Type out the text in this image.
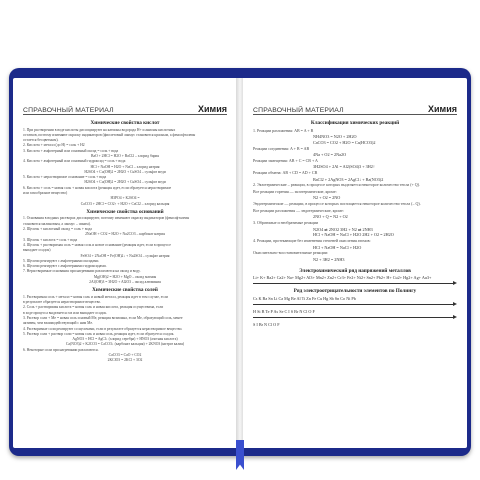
СПРАВОЧНЫЙ МАТЕРИАЛ	Химия
Химические свойства кислот
1. При растворении в воде кислоты диссоциируют на катионы водорода H+ и анионы кислотных
остатков, поэтому изменяют окраску индикаторов (фиолетовый лакмус становится красным, а фенолфталеин
остается бесцветным).
2. Кислота + металл (до H) = соль + H2
3. Кислота + амфотерный или основный оксид = соль + вода
BaO + 2HCl = H2O + BaCl2 – хлорид бария
4. Кислота + амфотерный или основный гидроксид = соль + вода
HCl + NaOH = H2O + NaCl – хлорид натрия
H2SO4 + Cu(OH)2 = 2H2O + CuSO4 – сульфат меди
5. Кислота + нерастворимое основание = соль + вода
H2SO4 + Cu(OH)2 = 2H2O + CuSO4 – сульфат меди
6. Кислота + соль = новая соль + новая кислота (реакция идет, если образуется нерастворимое
или газообразное вещество)
H3PO4 + K2SO4 =
CaCO3 + 2HCl = CO2↑ + H2O + CaCl2 – хлорид кальция
Химические свойства оснований
1. Основания в водных растворах диссоциируют, поэтому изменяют окраску индикаторов (фенолфталеин
становится малиновым, а лакмус – синим).
2. Щелочь + кислотный оксид = соль + вода
2NaOH + CO2 = H2O + Na2CO3 – карбонат натрия
3. Щелочь + кислота = соль + вода
4. Щелочь + растворимая соль = новая соль и новое основание (реакция идет, если в процессе
выпадает осадок)
FeSO4 + 2NaOH = Fe(OH)2↓ + Na2SO4 – сульфат натрия
5. Щелочи реагируют с амфотерными оксидами.
6. Щелочи реагируют с амфотерными гидроксидами.
7. Нерастворимые основания при нагревании разлагаются на оксид и воду.
Mg(OH)2 = H2O + MgO – оксид магния
2Al(OH)3 = 3H2O + Al2O3 – оксид алюминия
Химические свойства солей
1. Растворимая соль + металл = новая соль и новый металл, реакция идет в том случае, если
в результате образуется нерастворимое вещество.
2. Соль + растворимая кислота = новая соль и новая кислота, реакция осуществима, если
в ходе процесса выделяется газ или выпадает осадок.
3. Раствор соли + Me = новая соль и новый Me, реакция возможна, если Me, образующий соль, менее
активен, чем взаимодействующий с ним Me.
4. Растворимые соли реагируют со щелочами, если в результате образуется нерастворимое вещество.
5. Раствор соли + раствор соли = новая соль и новая соль, реакция идет, если образуется осадок.
AgNO3 + HCl = AgCl↓ (хлорид серебра) + HNO3 (азотная кислота)
Ca(NO3)2 + K2CO3 = CaCO3↓ (карбонат кальция) + 2KNO3 (нитрат калия)
6. Некоторые соли при нагревании разлагаются.
CaCO3 = CaO + CO2
2KClO3 = 2KCl + 3O2
СПРАВОЧНЫЙ МАТЕРИАЛ	Химия
Классификация химических реакций
1. Реакции разложения: AB = A + B
NH4NO3 = N2O + 2H2O
CaCO3 = CO2 + H2O = Ca(HCO3)2
Реакции соединения: A + B = AB
4Na + O2 = 2Na2O
Реакции замещения: AB + C = CB + A
3H2SO4 + 2Al = Al2(SO4)3 + 3H2↑
Реакции обмена: AB + CD = AD + CB
BaCl2 + 2AgNO3 = 2AgCl↓ + Ba(NO3)2
2. Экзотермические – реакции, в процессе которых выделяется некоторое количество тепла (+ Q).
Все реакции горения — экзотермические, кроме:
N2 + O2 = 2NO
Эндотермические — реакции, в процессе которых поглощается некоторое количество тепла (– Q).
Все реакции разложения — эндотермические, кроме:
2NO + Q = N2 + O2
3. Обратимые и необратимые реакции
N2O4 ⇄ 2NO2 3H2 + N2 ⇄ 2NH3
HCl + NaOH = NaCl + H2O 2H2 + O2 = 2H2O
4. Реакции, протекающие без изменения степеней окисления атомов:
HCl + NaOH = NaCl + H2O
Окислительно-восстановительные реакции:
N2 + 3H2 = 2NH3
Электрохимический ряд напряжений металлов
Li+ K+ Ba2+ Ca2+ Na+ Mg2+ Al3+ Mn2+ Zn2+ Cr3+ Fe2+ Ni2+ Sn2+ Pb2+ H+ Cu2+ Hg2+ Ag+ Au3+
Ряд электроотрицательности элементов по Полингу
Cs K Ba Sn Li Ca Mg Be Al Ti Zn Fe Cu Hg Sb Sn Co Ni Pb
H Si B Te P As Se C I S Br N Cl O F
S I Br N Cl O F
